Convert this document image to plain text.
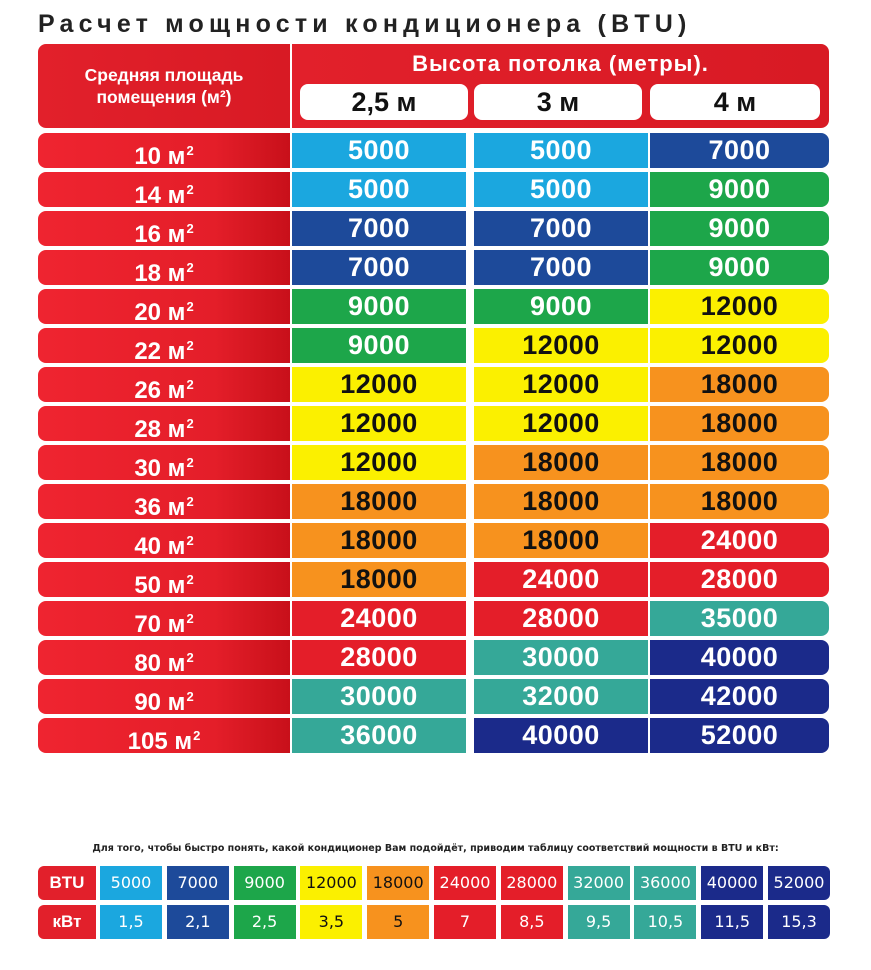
Расчет мощности кондиционера (BTU)
Средняя площадь
помещения (м²)
Высота потолка (метры).
2,5 м	3 м	4 м
10 $м^2$	5000	5000	7000
14 $м^2$	5000	5000	9000
16 $м^2$	7000	7000	9000
18 $м^2$	7000	7000	9000
20 $м^2$	9000	9000	12000
22 $м^2$	9000	12000	12000
26 $м^2$	12000	12000	18000
28 $м^2$	12000	12000	18000
30 $м^2$	12000	18000	18000
36 $м^2$	18000	18000	18000
40 $м^2$	18000	18000	24000
50 $м^2$	18000	24000	28000
70 $м^2$	24000	28000	35000
80 $м^2$	28000	30000	40000
90 $м^2$	30000	32000	42000
105 $м^2$	36000	40000	52000
Для того, чтобы быстро понять, какой кондиционер Вам подойдёт, приводим таблицу соответствий мощности в BTU и кВт:
BTU	5000	7000	9000	12000 18000 24000 28000 32000 36000 40000 52000
кВт	1,5	2,1	2,5	3,5	5	7	8,5	9,5	10,5	11,5	15,3
